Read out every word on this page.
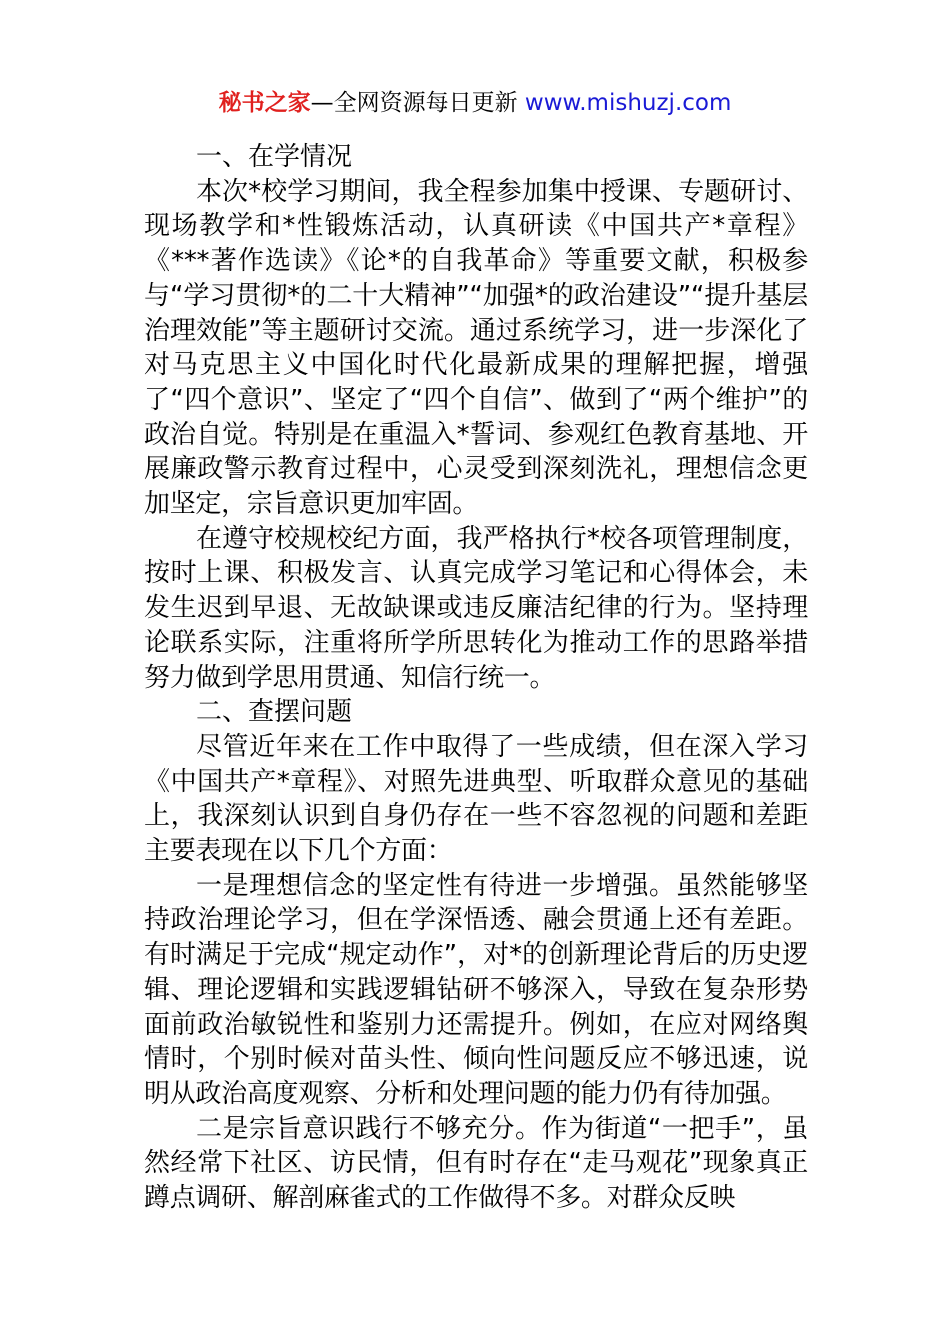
秘书之家—全网资源每日更新 www.mishuzj.com

一、在学情况

本次*校学习期间，我全程参加集中授课、专题研讨、现场教学和*性锻炼活动，认真研读《中国共产*章程》《***著作选读》《论*的自我革命》等重要文献，积极参与“学习贯彻*的二十大精神”“加强*的政治建设”“提升基层治理效能”等主题研讨交流。通过系统学习，进一步深化了对马克思主义中国化时代化最新成果的理解把握，增强了“四个意识”、坚定了“四个自信”、做到了“两个维护”的政治自觉。特别是在重温入*誓词、参观红色教育基地、开展廉政警示教育过程中，心灵受到深刻洗礼，理想信念更加坚定，宗旨意识更加牢固。

在遵守校规校纪方面，我严格执行*校各项管理制度，按时上课、积极发言、认真完成学习笔记和心得体会，未发生迟到早退、无故缺课或违反廉洁纪律的行为。坚持理论联系实际，注重将所学所思转化为推动工作的思路举措努力做到学思用贯通、知信行统一。

二、查摆问题

尽管近年来在工作中取得了一些成绩，但在深入学习《中国共产*章程》、对照先进典型、听取群众意见的基础上，我深刻认识到自身仍存在一些不容忽视的问题和差距主要表现在以下几个方面：

一是理想信念的坚定性有待进一步增强。虽然能够坚持政治理论学习，但在学深悟透、融会贯通上还有差距。有时满足于完成“规定动作”，对*的创新理论背后的历史逻辑、理论逻辑和实践逻辑钻研不够深入，导致在复杂形势面前政治敏锐性和鉴别力还需提升。例如，在应对网络舆情时，个别时候对苗头性、倾向性问题反应不够迅速，说明从政治高度观察、分析和处理问题的能力仍有待加强。

二是宗旨意识践行不够充分。作为街道“一把手”，虽然经常下社区、访民情，但有时存在“走马观花”现象真正蹲点调研、解剖麻雀式的工作做得不多。对群众反映
